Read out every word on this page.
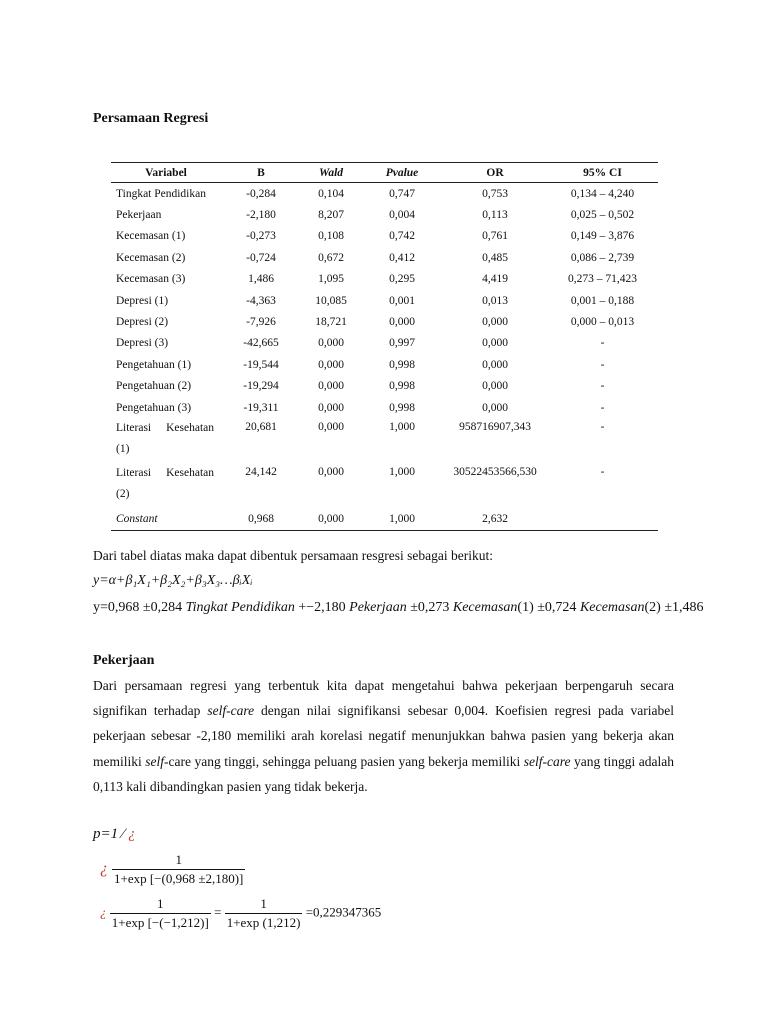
Persamaan Regresi
Variabel	B	Wald	Pvalue	OR	95% CI
Tingkat Pendidikan	-0,284	0,104	0,747	0,753	0,134 – 4,240
Pekerjaan	-2,180	8,207	0,004	0,113	0,025 – 0,502
Kecemasan (1)	-0,273	0,108	0,742	0,761	0,149 – 3,876
Kecemasan (2)	-0,724	0,672	0,412	0,485	0,086 – 2,739
Kecemasan (3)	1,486	1,095	0,295	4,419	0,273 – 71,423
Depresi (1)	-4,363	10,085	0,001	0,013	0,001 – 0,188
Depresi (2)	-7,926	18,721	0,000	0,000	0,000 – 0,013
Depresi (3)	-42,665	0,000	0,997	0,000	-
Pengetahuan (1)	-19,544	0,000	0,998	0,000	-
Pengetahuan (2)	-19,294	0,000	0,998	0,000	-
Pengetahuan (3)	-19,311	0,000	0,998	0,000	-

Literasi Kesehatan
(1)	20,681	0,000	1,000	958716907,343	-

Literasi Kesehatan
(2)	24,142	0,000	1,000	30522453566,530	-
Constant	0,968	0,000	1,000	2,632	
Dari tabel diatas maka dapat dibentuk persamaan resgresi sebagai berikut:
y=α+β₁X₁+β₂X₂+β₃X₃…βᵢXᵢ
y=0,968 ±0,284 Tingkat Pendidikan +−2,180 Pekerjaan ±0,273 Kecemasan(1) ±0,724 Kecemasan(2) ±1,486
Pekerjaan
Dari persamaan regresi yang terbentuk kita dapat mengetahui bahwa pekerjaan berpengaruh secara signifikan terhadap self-care dengan nilai signifikansi sebesar 0,004. Koefisien regresi pada variabel pekerjaan sebesar -2,180 memiliki arah korelasi negatif menunjukkan bahwa pasien yang bekerja akan memiliki self-care yang tinggi, sehingga peluang pasien yang bekerja memiliki self-care yang tinggi adalah 0,113 kali dibandingkan pasien yang tidak bekerja.
p=1 ⁄ ¿
¿ $\frac{1}{1+\exp [-(0,968 \pm 2,180)]}$
¿ $\frac{1}{1+\exp [-(-1,212)]} = \frac{1}{1+\exp (1,212)} =0,229347365$
